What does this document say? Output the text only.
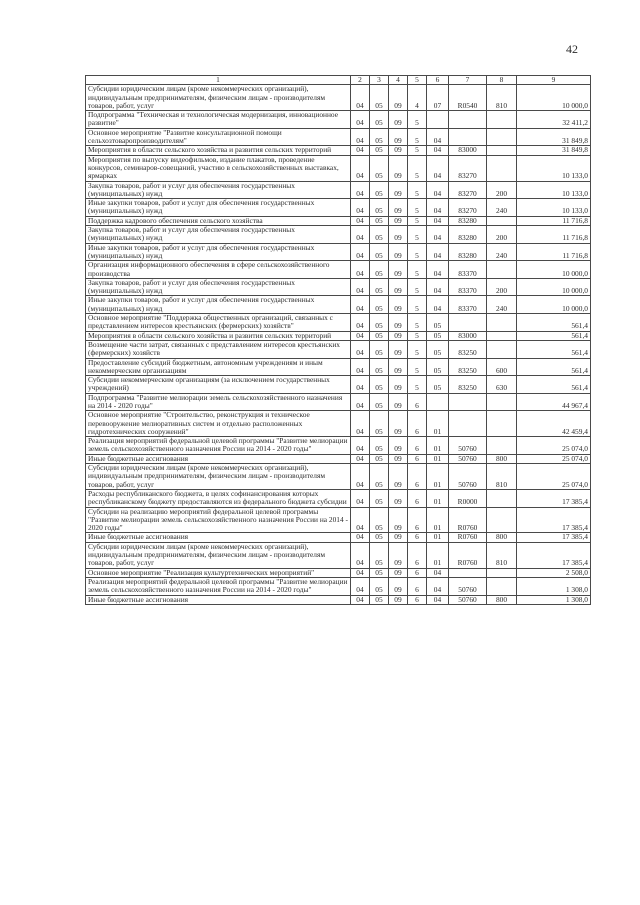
42
1	2	3	4	5	6	7	8	9
Субсидии юридическим лицам (кроме некоммерческих организаций), индивидуальным предпринимателям, физическим лицам - производителям товаров, работ, услуг	04	05	09	4	07	R0540	810	10 000,0
Подпрограмма "Техническая и технологическая модернизация, инновационное развитие"	04	05	09	5				32 411,2
Основное мероприятие "Развитие консультационной помощи сельхозтоваропроизводителям"	04	05	09	5	04			31 849,8
Мероприятия в области сельского хозяйства и развития сельских территорий	04	05	09	5	04	83000		31 849,8
Мероприятия по выпуску видеофильмов, издание плакатов, проведение конкурсов, семинаров-совещаний, участию в сельскохозяйственных выставках, ярмарках	04	05	09	5	04	83270		10 133,0
Закупка товаров, работ и услуг для обеспечения государственных (муниципальных) нужд	04	05	09	5	04	83270	200	10 133,0
Иные закупки товаров, работ и услуг для обеспечения государственных (муниципальных) нужд	04	05	09	5	04	83270	240	10 133,0
Поддержка кадрового обеспечения сельского хозяйства	04	05	09	5	04	83280		11 716,8
Закупка товаров, работ и услуг для обеспечения государственных (муниципальных) нужд	04	05	09	5	04	83280	200	11 716,8
Иные закупки товаров, работ и услуг для обеспечения государственных (муниципальных) нужд	04	05	09	5	04	83280	240	11 716,8
Организация информационного обеспечения в сфере сельскохозяйственного производства	04	05	09	5	04	83370		10 000,0
Закупка товаров, работ и услуг для обеспечения государственных (муниципальных) нужд	04	05	09	5	04	83370	200	10 000,0
Иные закупки товаров, работ и услуг для обеспечения государственных (муниципальных) нужд	04	05	09	5	04	83370	240	10 000,0
Основное мероприятие "Поддержка общественных организаций, связанных с представлением интересов крестьянских (фермерских) хозяйств"	04	05	09	5	05			561,4
Мероприятия в области сельского хозяйства и развития сельских территорий	04	05	09	5	05	83000		561,4
Возмещение части затрат, связанных с представлением интересов крестьянских (фермерских) хозяйств	04	05	09	5	05	83250		561,4
Предоставление субсидий бюджетным, автономным учреждениям и иным некоммерческим организациям	04	05	09	5	05	83250	600	561,4
Субсидии некоммерческим организациям (за исключением государственных учреждений)	04	05	09	5	05	83250	630	561,4
Подпрограмма "Развитие мелиорации земель сельскохозяйственного назначения на 2014 - 2020 годы"	04	05	09	6				44 967,4
Основное мероприятие "Строительство, реконструкция и техническое перевооружение мелиоративных систем и отдельно расположенных гидротехнических сооружений"	04	05	09	6	01			42 459,4
Реализация мероприятий федеральной целевой программы "Развитие мелиорации земель сельскохозяйственного назначения России на 2014 - 2020 годы"	04	05	09	6	01	50760		25 074,0
Иные бюджетные ассигнования	04	05	09	6	01	50760	800	25 074,0
Субсидии юридическим лицам (кроме некоммерческих организаций), индивидуальным предпринимателям, физическим лицам - производителям товаров, работ, услуг	04	05	09	6	01	50760	810	25 074,0
Расходы республиканского бюджета, в целях софинансирования которых республиканскому бюджету предоставляются из федерального бюджета субсидии	04	05	09	6	01	R0000		17 385,4
Субсидии на реализацию мероприятий федеральной целевой программы "Развитие мелиорации земель сельскохозяйственного назначения России на 2014 - 2020 годы"	04	05	09	6	01	R0760		17 385,4
Иные бюджетные ассигнования	04	05	09	6	01	R0760	800	17 385,4
Субсидии юридическим лицам (кроме некоммерческих организаций), индивидуальным предпринимателям, физическим лицам - производителям товаров, работ, услуг	04	05	09	6	01	R0760	810	17 385,4
Основное мероприятие "Реализация культуртехнических мероприятий"	04	05	09	6	04			2 508,0
Реализация мероприятий федеральной целевой программы "Развитие мелиорации земель сельскохозяйственного назначения России на 2014 - 2020 годы"	04	05	09	6	04	50760		1 308,0
Иные бюджетные ассигнования	04	05	09	6	04	50760	800	1 308,0
